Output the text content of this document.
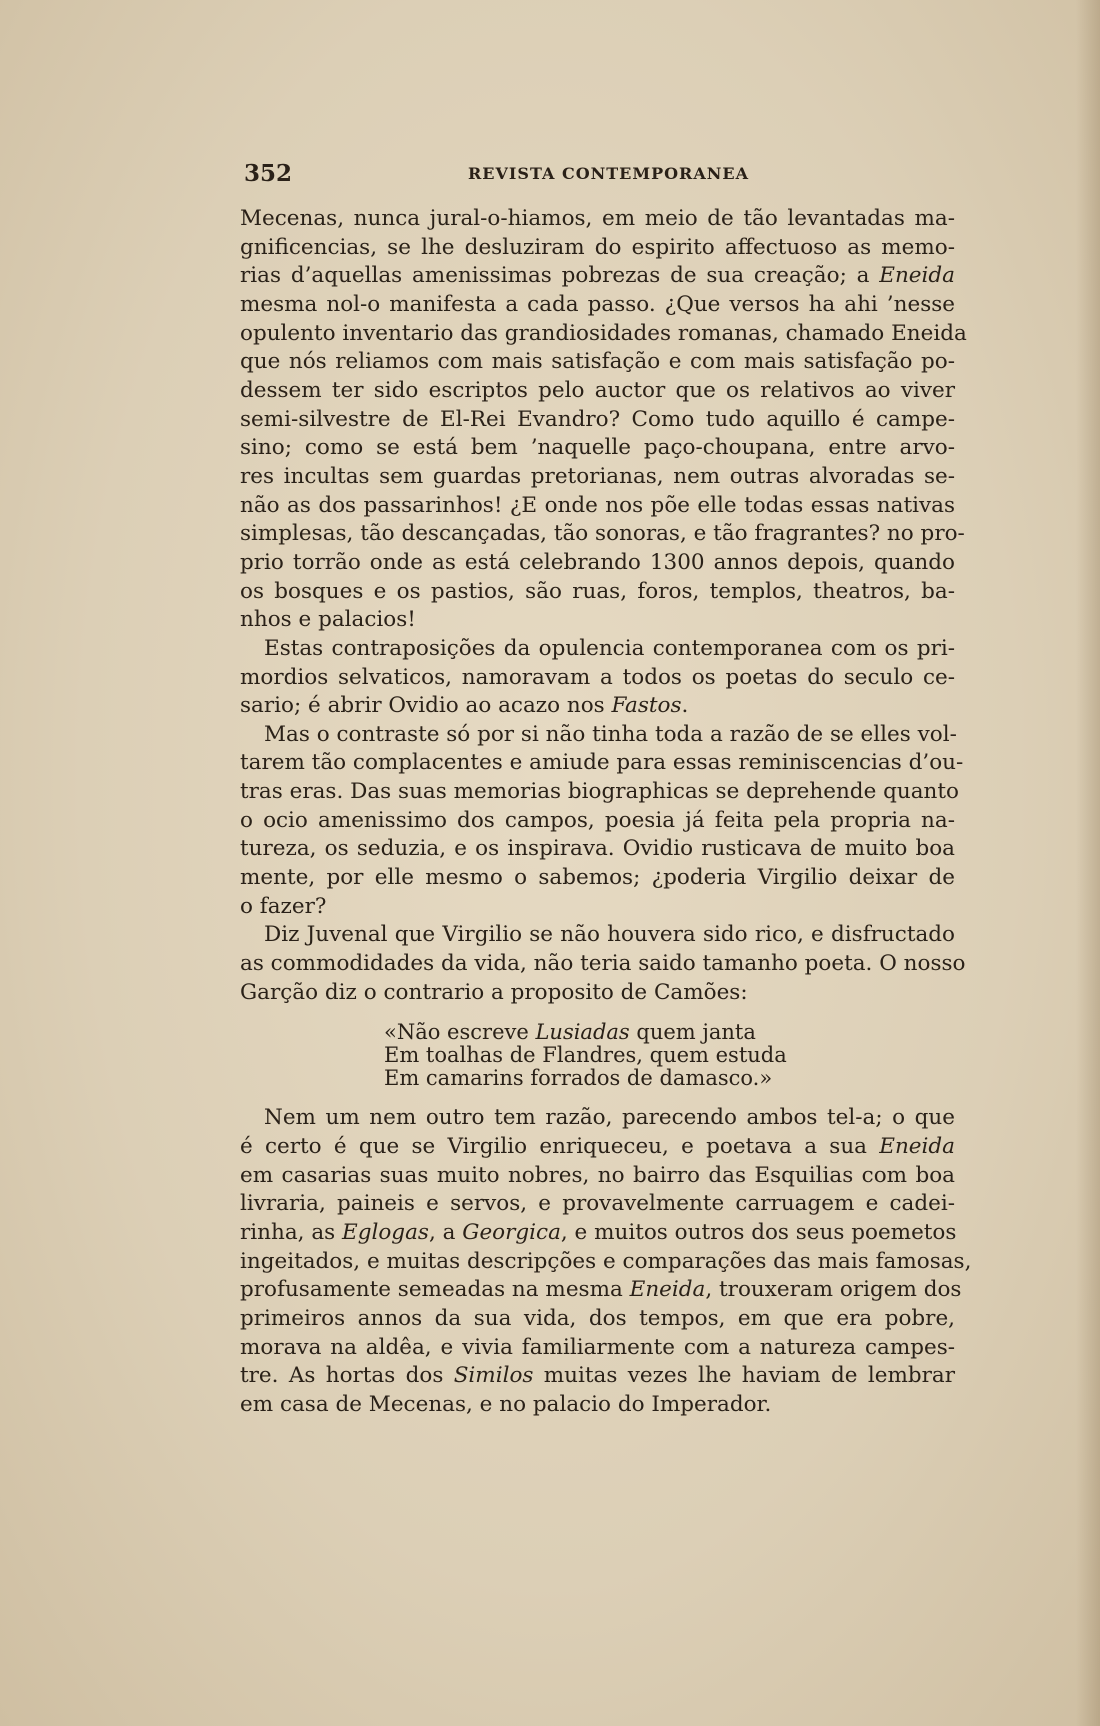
352	REVISTA CONTEMPORANEA
Mecenas, nunca jural-o-hiamos, em meio de tão levantadas ma-
gnificencias, se lhe desluziram do espirito affectuoso as memo-
rias d’aquellas amenissimas pobrezas de sua creação; a Eneida
mesma nol-o manifesta a cada passo. ¿Que versos ha ahi ’nesse
opulento inventario das grandiosidades romanas, chamado Eneida
que nós reliamos com mais satisfação e com mais satisfação po-
dessem ter sido escriptos pelo auctor que os relativos ao viver
semi-silvestre de El-Rei Evandro? Como tudo aquillo é campe-
sino; como se está bem ’naquelle paço-choupana, entre arvo-
res incultas sem guardas pretorianas, nem outras alvoradas se-
não as dos passarinhos! ¿E onde nos põe elle todas essas nativas
simplesas, tão descançadas, tão sonoras, e tão fragrantes? no pro-
prio torrão onde as está celebrando 1300 annos depois, quando
os bosques e os pastios, são ruas, foros, templos, theatros, ba-
nhos e palacios!
Estas contraposições da opulencia contemporanea com os pri-
mordios selvaticos, namoravam a todos os poetas do seculo ce-
sario; é abrir Ovidio ao acazo nos Fastos.
Mas o contraste só por si não tinha toda a razão de se elles vol-
tarem tão complacentes e amiude para essas reminiscencias d’ou-
tras eras. Das suas memorias biographicas se deprehende quanto
o ocio amenissimo dos campos, poesia já feita pela propria na-
tureza, os seduzia, e os inspirava. Ovidio rusticava de muito boa
mente, por elle mesmo o sabemos; ¿poderia Virgilio deixar de
o fazer?
Diz Juvenal que Virgilio se não houvera sido rico, e disfructado
as commodidades da vida, não teria saido tamanho poeta. O nosso
Garção diz o contrario a proposito de Camões:
«Não escreve Lusiadas quem janta
Em toalhas de Flandres, quem estuda
Em camarins forrados de damasco.»
Nem um nem outro tem razão, parecendo ambos tel-a; o que
é certo é que se Virgilio enriqueceu, e poetava a sua Eneida
em casarias suas muito nobres, no bairro das Esquilias com boa
livraria, paineis e servos, e provavelmente carruagem e cadei-
rinha, as Eglogas, a Georgica, e muitos outros dos seus poemetos
ingeitados, e muitas descripções e comparações das mais famosas,
profusamente semeadas na mesma Eneida, trouxeram origem dos
primeiros annos da sua vida, dos tempos, em que era pobre,
morava na aldêa, e vivia familiarmente com a natureza campes-
tre. As hortas dos Similos muitas vezes lhe haviam de lembrar
em casa de Mecenas, e no palacio do Imperador.
